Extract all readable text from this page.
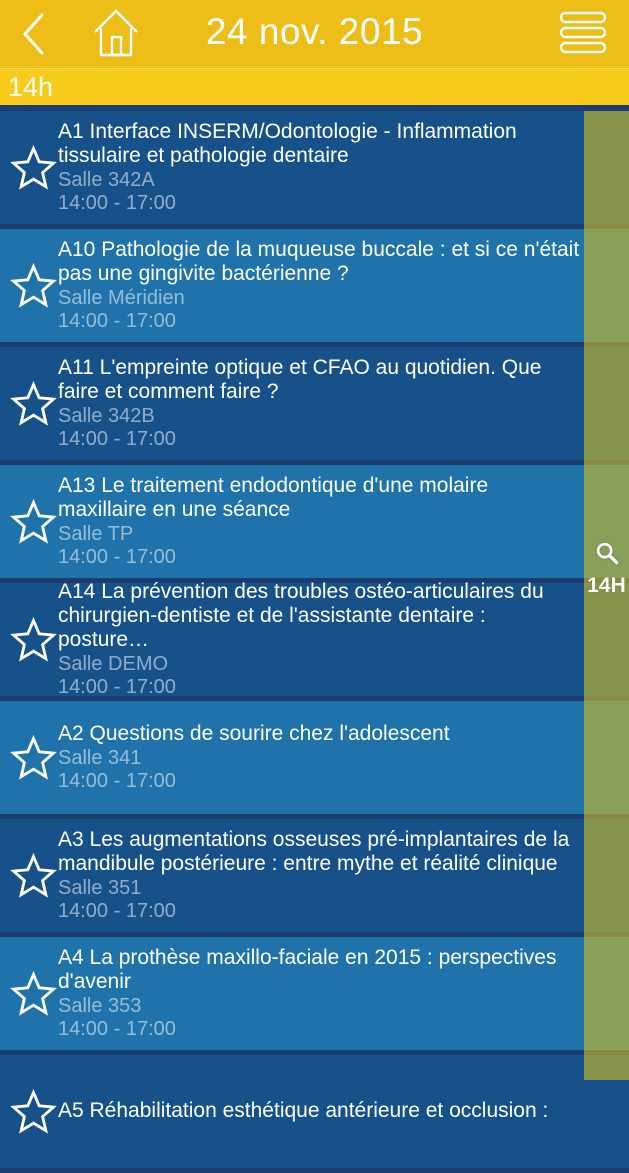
24 nov. 2015
14h
A1 Interface INSERM/Odontologie - Inflammation tissulaire et pathologie dentaire
Salle 342A
14:00 - 17:00
A10 Pathologie de la muqueuse buccale : et si ce n'était pas une gingivite bactérienne ?
Salle Méridien
14:00 - 17:00
A11 L'empreinte optique et CFAO au quotidien. Que faire et comment faire ?
Salle 342B
14:00 - 17:00
A13 Le traitement endodontique d'une molaire maxillaire en une séance
Salle TP
14:00 - 17:00
A14 La prévention des troubles ostéo-articulaires du chirurgien-dentiste et de l'assistante dentaire : posture…
Salle DEMO
14:00 - 17:00
A2 Questions de sourire chez l'adolescent
Salle 341
14:00 - 17:00
A3 Les augmentations osseuses pré-implantaires de la mandibule postérieure : entre mythe et réalité clinique
Salle 351
14:00 - 17:00
A4 La prothèse maxillo-faciale en 2015 : perspectives d'avenir
Salle 353
14:00 - 17:00
A5 Réhabilitation esthétique antérieure et occlusion :
14H
